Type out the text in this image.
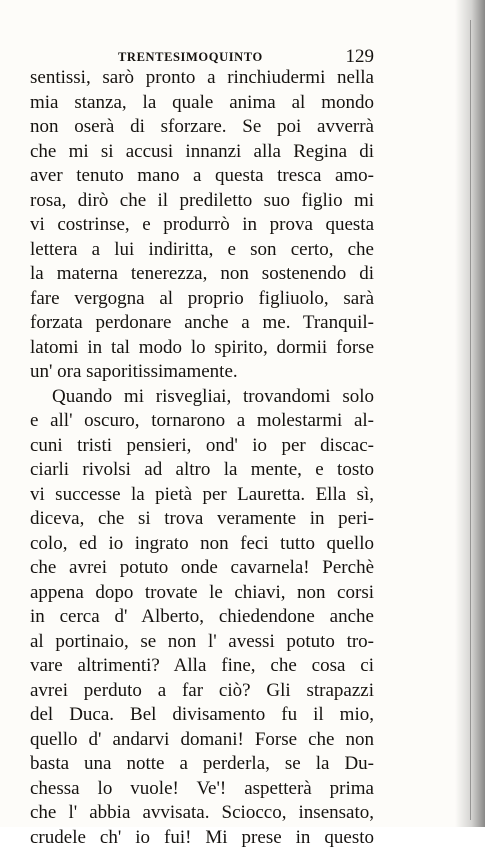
TRENTESIMOQUINTO	129
sentissi, sarò pronto a rinchiudermi nella
mia stanza, la quale anima al mondo
non oserà di sforzare. Se poi avverrà
che mi si accusi innanzi alla Regina di
aver tenuto mano a questa tresca amo-
rosa, dirò che il prediletto suo figlio mi
vi costrinse, e produrrò in prova questa
lettera a lui indiritta, e son certo, che
la materna tenerezza, non sostenendo di
fare vergogna al proprio figliuolo, sarà
forzata perdonare anche a me. Tranquil-
latomi in tal modo lo spirito, dormii forse
un' ora saporitissimamente.
Quando mi risvegliai, trovandomi solo
e all' oscuro, tornarono a molestarmi al-
cuni tristi pensieri, ond' io per discac-
ciarli rivolsi ad altro la mente, e tosto
vi successe la pietà per Lauretta. Ella sì,
diceva, che si trova veramente in peri-
colo, ed io ingrato non feci tutto quello
che avrei potuto onde cavarnela! Perchè
appena dopo trovate le chiavi, non corsi
in cerca d' Alberto, chiedendone anche
al portinaio, se non l' avessi potuto tro-
vare altrimenti? Alla fine, che cosa ci
avrei perduto a far ciò? Gli strapazzi
del Duca. Bel divisamento fu il mio,
quello d' andarvi domani! Forse che non
basta una notte a perderla, se la Du-
chessa lo vuole! Ve'! aspetterà prima
che l' abbia avvisata. Sciocco, insensato,
crudele ch' io fui! Mi prese in questo
